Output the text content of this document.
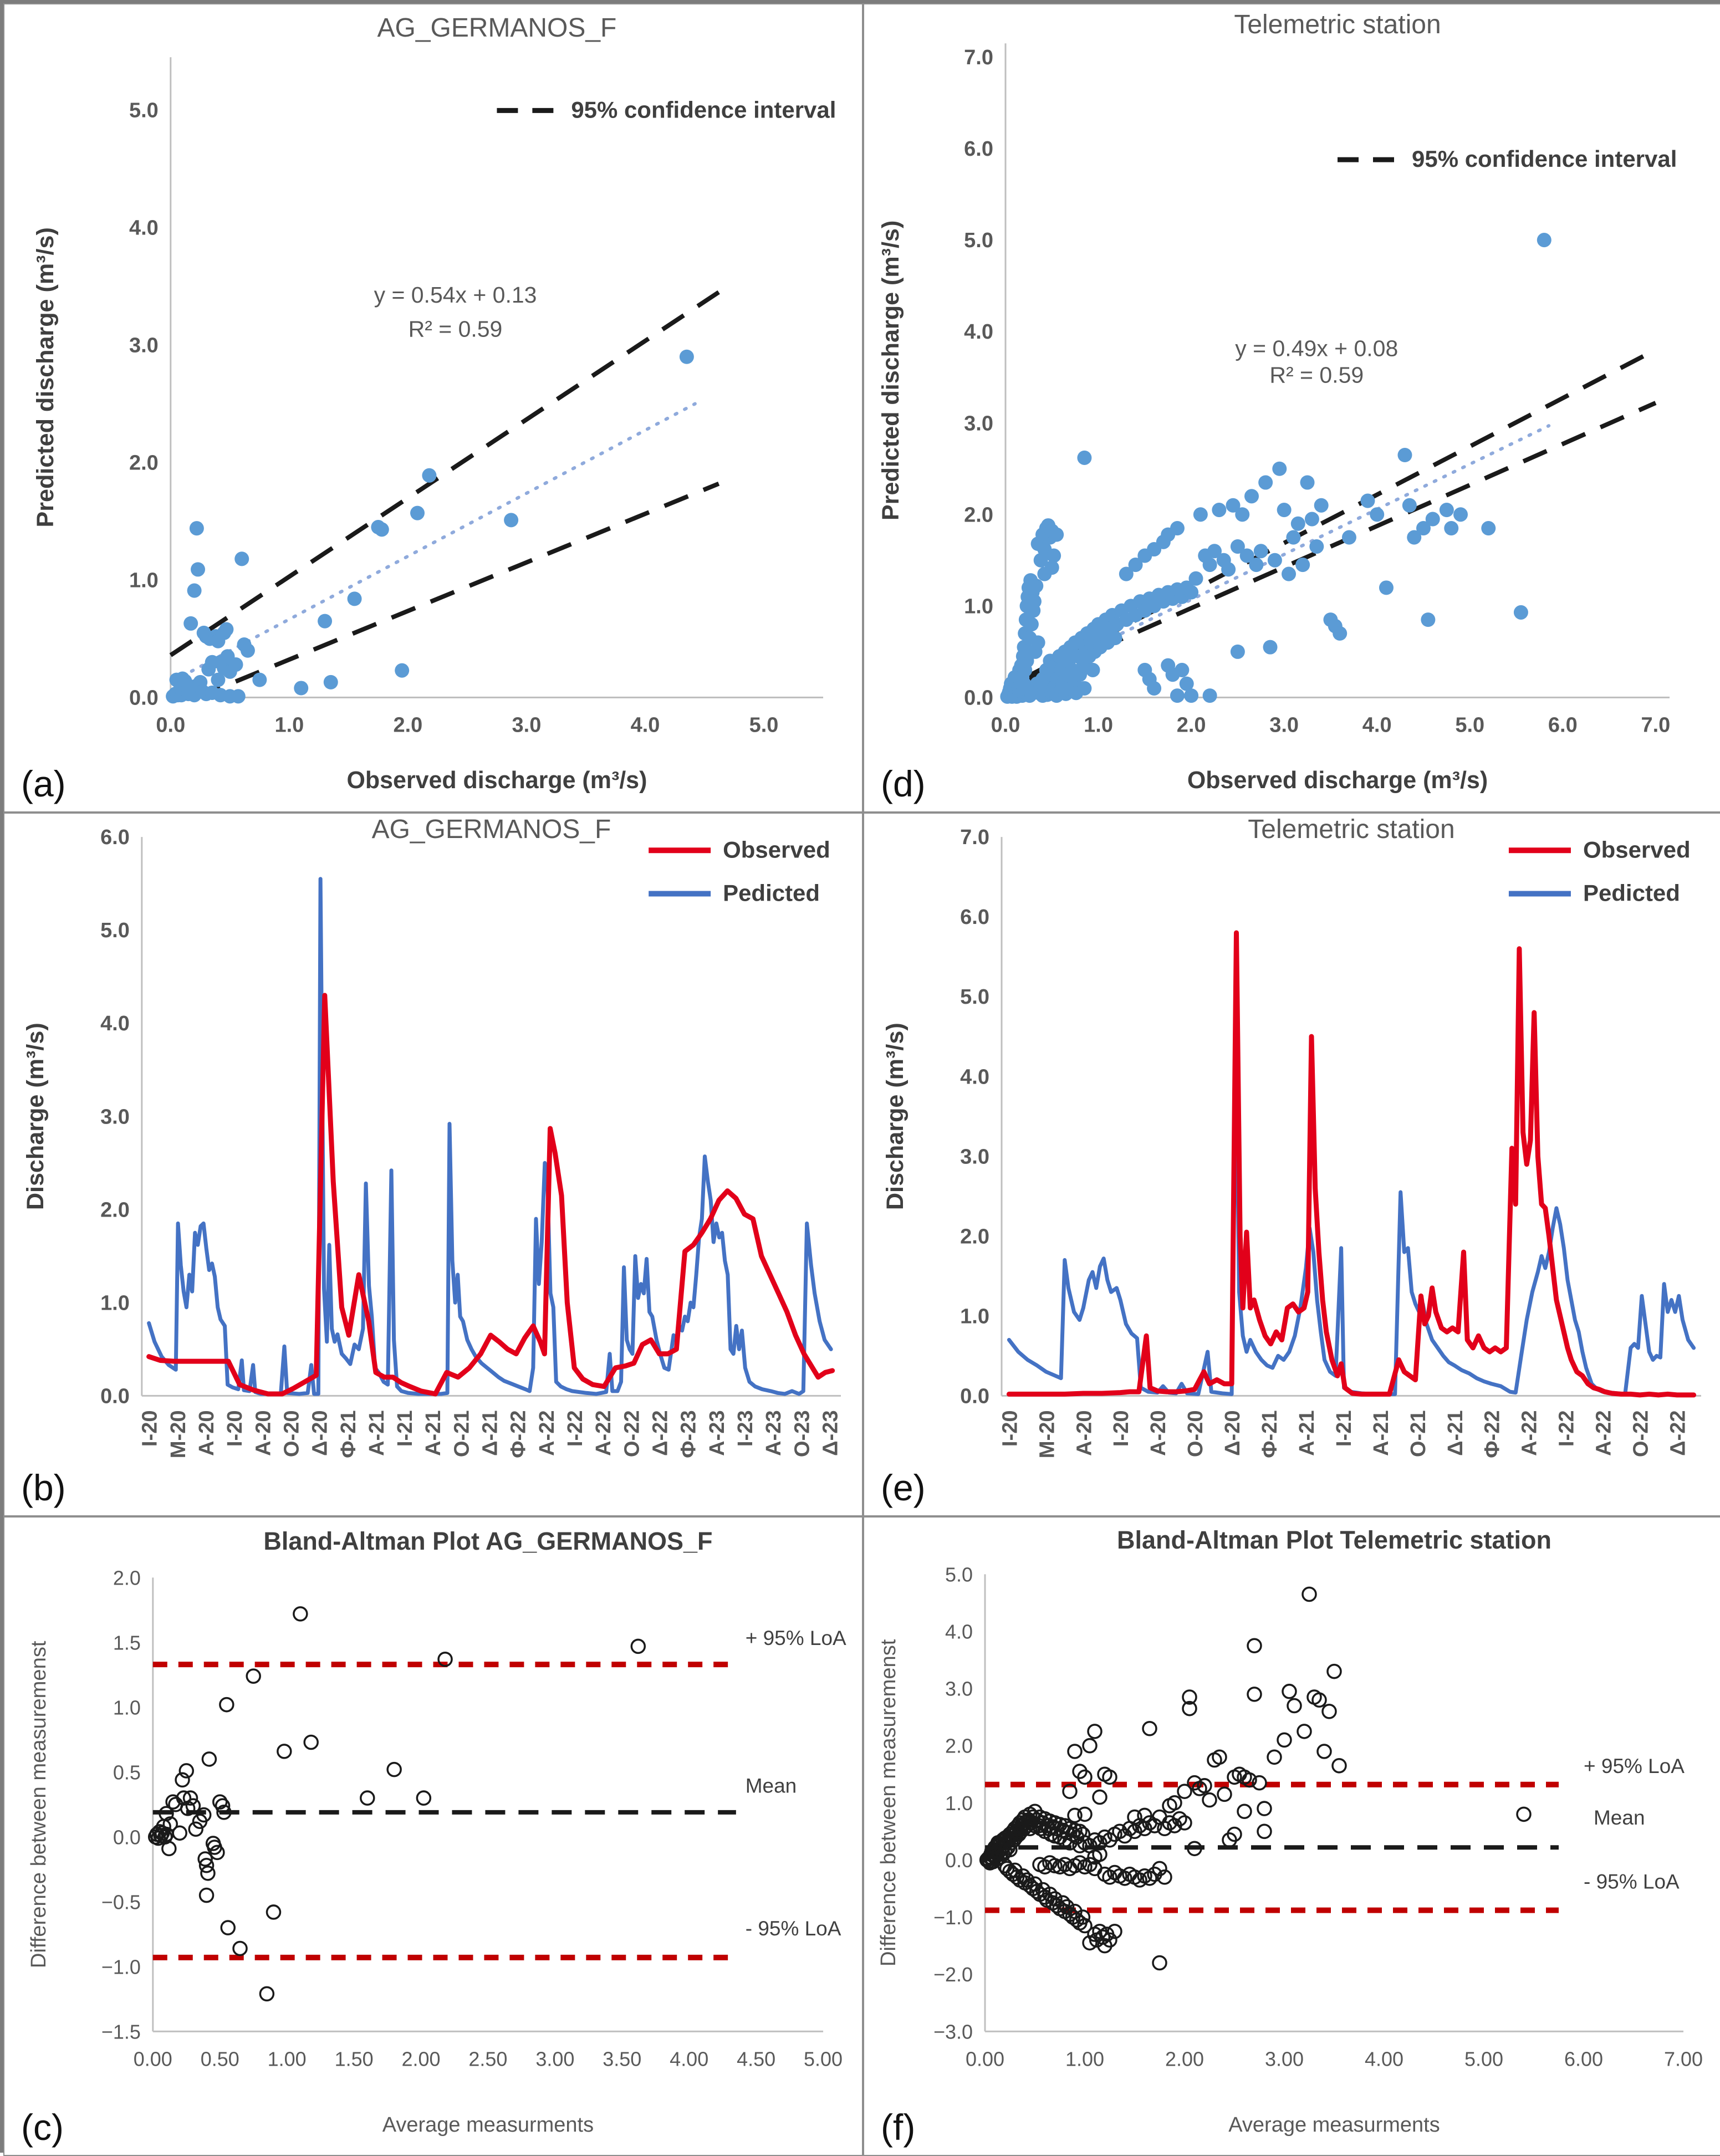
0.0
1.0
2.0
3.0
4.0
5.0
0.0	1.0	2.0	3.0	4.0	5.0
AG_GERMANOS_F
Observed discharge (m³/s)
Predicted discharge (m³/s)	y = 0.54x + 0.13
R² = 0.59
95% confidence interval
(a)
0.0
1.0
2.0
3.0
4.0
5.0
6.0
7.0
0.0	1.0	2.0	3.0	4.0	5.0	6.0	7.0
Telemetric station
Observed discharge (m³/s)
Predicted discharge (m³/s)	y = 0.49x + 0.08
R² = 0.59
95% confidence interval
(d)
0.0
1.0
2.0
3.0
4.0
5.0
6.0
Ι-20 Μ-20 Α-20 Ι-20 Α-20 Ο-20 Δ-20 Φ-21 Α-21 Ι-21 Α-21 Ο-21 Δ-21 Φ-22 Α-22 Ι-22 Α-22 Ο-22 Δ-22 Φ-23 Α-23 Ι-23 Α-23 Ο-23 Δ-23
AG_GERMANOS_F
Discharge (m³/s)
Observed
Pedicted
(b)
0.0
1.0
2.0
3.0
4.0
5.0
6.0
7.0
Ι-20 Μ-20 Α-20 Ι-20 Α-20 Ο-20 Δ-20 Φ-21 Α-21 Ι-21 Α-21 Ο-21 Δ-21 Φ-22 Α-22 Ι-22 Α-22 Ο-22 Δ-22
Telemetric station
Discharge (m³/s)
Observed
Pedicted
(e)
2.0
1.5
1.0
0.5
0.0
−0.5
−1.0
−1.5
0.00 0.50 1.00 1.50 2.00 2.50 3.00 3.50 4.00 4.50 5.00
Bland-Altman Plot AG_GERMANOS_F
Average measurments
Difference between measuremenst
+ 95% LoA
Mean
- 95% LoA
(c)
5.0
4.0
3.0
2.0
1.0
0.0
−1.0
−2.0
−3.0
0.00	1.00	2.00	3.00	4.00	5.00	6.00	7.00
Bland-Altman Plot Telemetric station
Average measurments
Difference between measuremenst	+ 95% LoA
Mean
- 95% LoA
(f)
